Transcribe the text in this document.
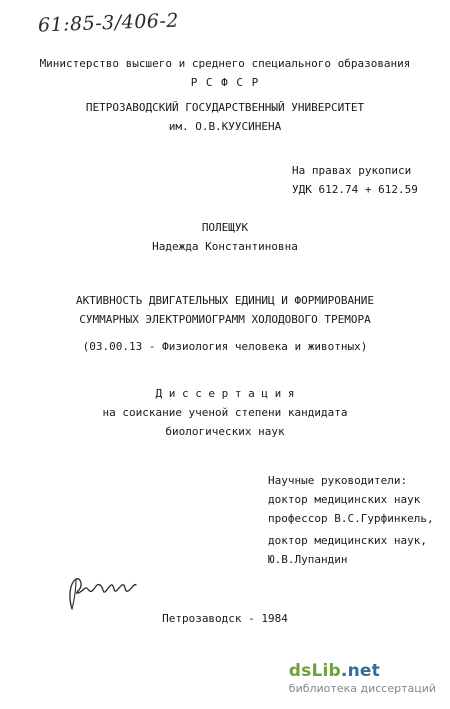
61:85-3/406-2
Министерство высшего и среднего специального образования
Р С Ф С Р
ПЕТРОЗАВОДСКИЙ ГОСУДАРСТВЕННЫЙ УНИВЕРСИТЕТ
им. О.В.КУУСИНЕНА
На правах рукописи
УДК 612.74 + 612.59
ПОЛЕЩУК
Надежда Константиновна
АКТИВНОСТЬ ДВИГАТЕЛЬНЫХ ЕДИНИЦ И ФОРМИРОВАНИЕ
СУММАРНЫХ ЭЛЕКТРОМИОГРАММ ХОЛОДОВОГО ТРЕМОРА
(03.00.13 - Физиология человека и животных)
Д и с с е р т а ц и я
на соискание ученой степени кандидата
биологических наук
Научные руководители:
доктор медицинских наук
профессор В.С.Гурфинкель,
доктор медицинских наук,
Ю.В.Лупандин
Петрозаводск - 1984
dsLib.net
библиотека диссертаций
